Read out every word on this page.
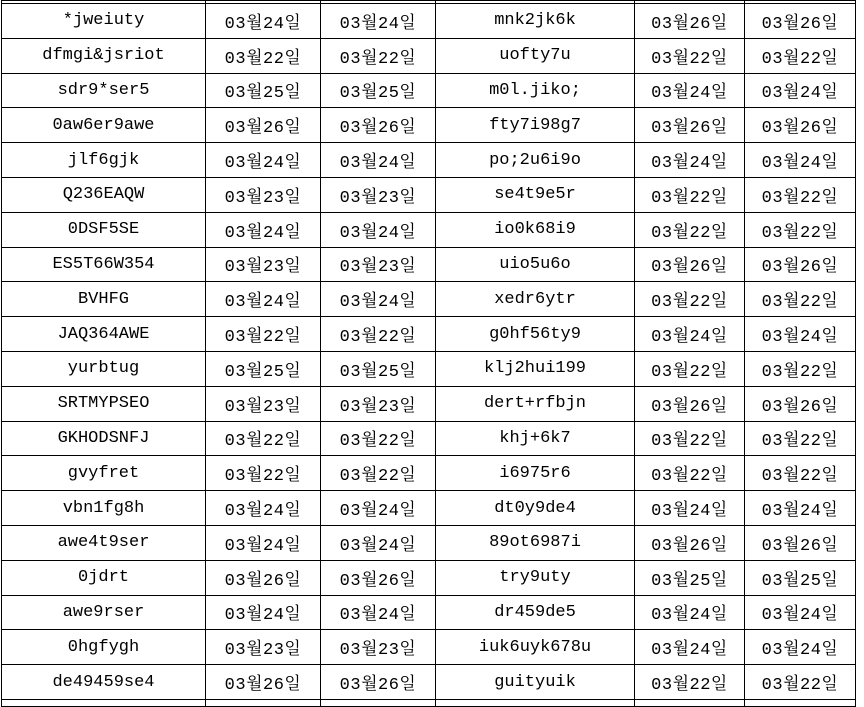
*jweiuty	03월24일	03월24일	mnk2jk6k	03월26일	03월26일
dfmgi&jsriot	03월22일	03월22일	uofty7u	03월22일	03월22일
sdr9*ser5	03월25일	03월25일	m0l.jiko;	03월24일	03월24일
0aw6er9awe	03월26일	03월26일	fty7i98g7	03월26일	03월26일
jlf6gjk	03월24일	03월24일	po;2u6i9o	03월24일	03월24일
Q236EAQW	03월23일	03월23일	se4t9e5r	03월22일	03월22일
0DSF5SE	03월24일	03월24일	io0k68i9	03월22일	03월22일
ES5T66W354	03월23일	03월23일	uio5u6o	03월26일	03월26일
BVHFG	03월24일	03월24일	xedr6ytr	03월22일	03월22일
JAQ364AWE	03월22일	03월22일	g0hf56ty9	03월24일	03월24일
yurbtug	03월25일	03월25일	klj2hui199	03월22일	03월22일
SRTMYPSEO	03월23일	03월23일	dert+rfbjn	03월26일	03월26일
GKHODSNFJ	03월22일	03월22일	khj+6k7	03월22일	03월22일
gvyfret	03월22일	03월22일	i6975r6	03월22일	03월22일
vbn1fg8h	03월24일	03월24일	dt0y9de4	03월24일	03월24일
awe4t9ser	03월24일	03월24일	89ot6987i	03월26일	03월26일
0jdrt	03월26일	03월26일	try9uty	03월25일	03월25일
awe9rser	03월24일	03월24일	dr459de5	03월24일	03월24일
0hgfygh	03월23일	03월23일	iuk6uyk678u	03월24일	03월24일
de49459se4	03월26일	03월26일	guityuik	03월22일	03월22일
